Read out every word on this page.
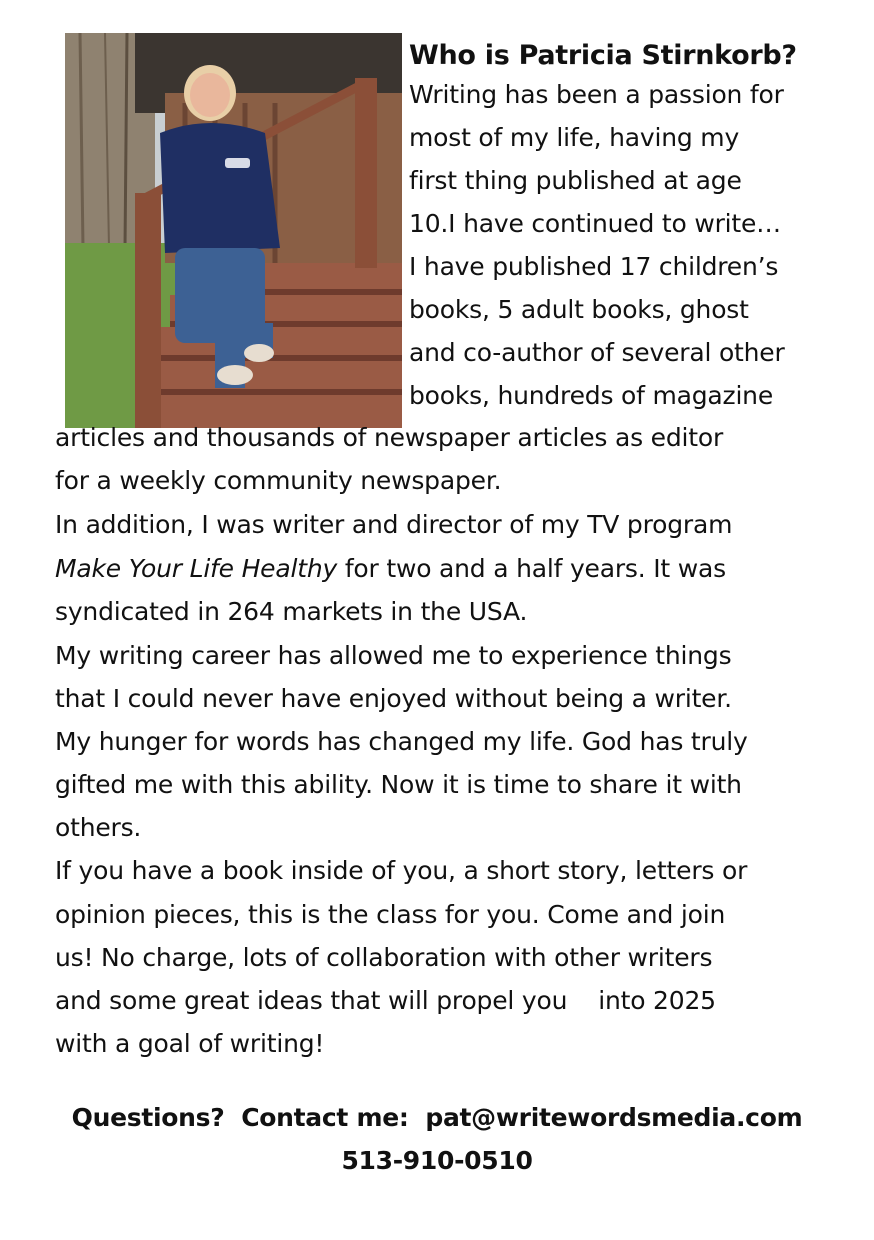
Who is Patricia Stirnkorb?
Writing has been a passion for
most of my life, having my
first thing published at age
10.I have continued to write…
I have published 17 children’s
books, 5 adult books, ghost
and co-author of several other
books, hundreds of magazine
articles and thousands of newspaper articles as editor
for a weekly community newspaper.
In addition, I was writer and director of my TV program
Make Your Life Healthy for two and a half years. It was
syndicated in 264 markets in the USA.
My writing career has allowed me to experience things
that I could never have enjoyed without being a writer.
My hunger for words has changed my life. God has truly
gifted me with this ability. Now it is time to share it with
others.
If you have a book inside of you, a short story, letters or
opinion pieces, this is the class for you. Come and join
us! No charge, lots of collaboration with other writers
and some great ideas that will propel you    into 2025
with a goal of writing!
Questions?  Contact me:  pat@writewordsmedia.com
513-910-0510
